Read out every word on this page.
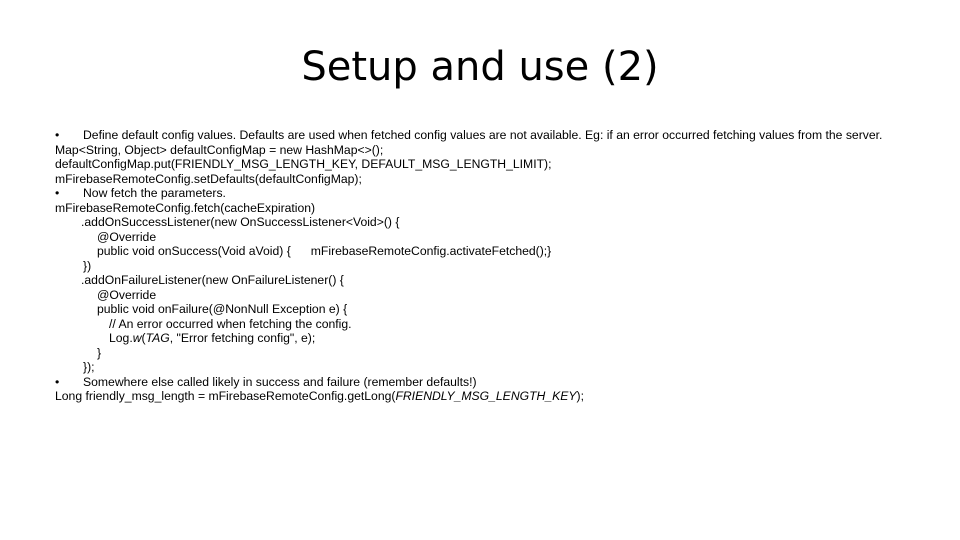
Setup and use (2)
• Define default config values. Defaults are used when fetched config values are not available. Eg: if an error occurred fetching values from the server.
Map<String, Object> defaultConfigMap = new HashMap<>();
defaultConfigMap.put(FRIENDLY_MSG_LENGTH_KEY, DEFAULT_MSG_LENGTH_LIMIT);
mFirebaseRemoteConfig.setDefaults(defaultConfigMap);
• Now fetch the parameters.
mFirebaseRemoteConfig.fetch(cacheExpiration)
.addOnSuccessListener(new OnSuccessListener<Void>() {
@Override
public void onSuccess(Void aVoid) { mFirebaseRemoteConfig.activateFetched();}
})
.addOnFailureListener(new OnFailureListener() {
@Override
public void onFailure(@NonNull Exception e) {
// An error occurred when fetching the config.
Log.w(TAG, "Error fetching config", e);
}
});
• Somewhere else called likely in success and failure (remember defaults!)
Long friendly_msg_length = mFirebaseRemoteConfig.getLong(FRIENDLY_MSG_LENGTH_KEY);
